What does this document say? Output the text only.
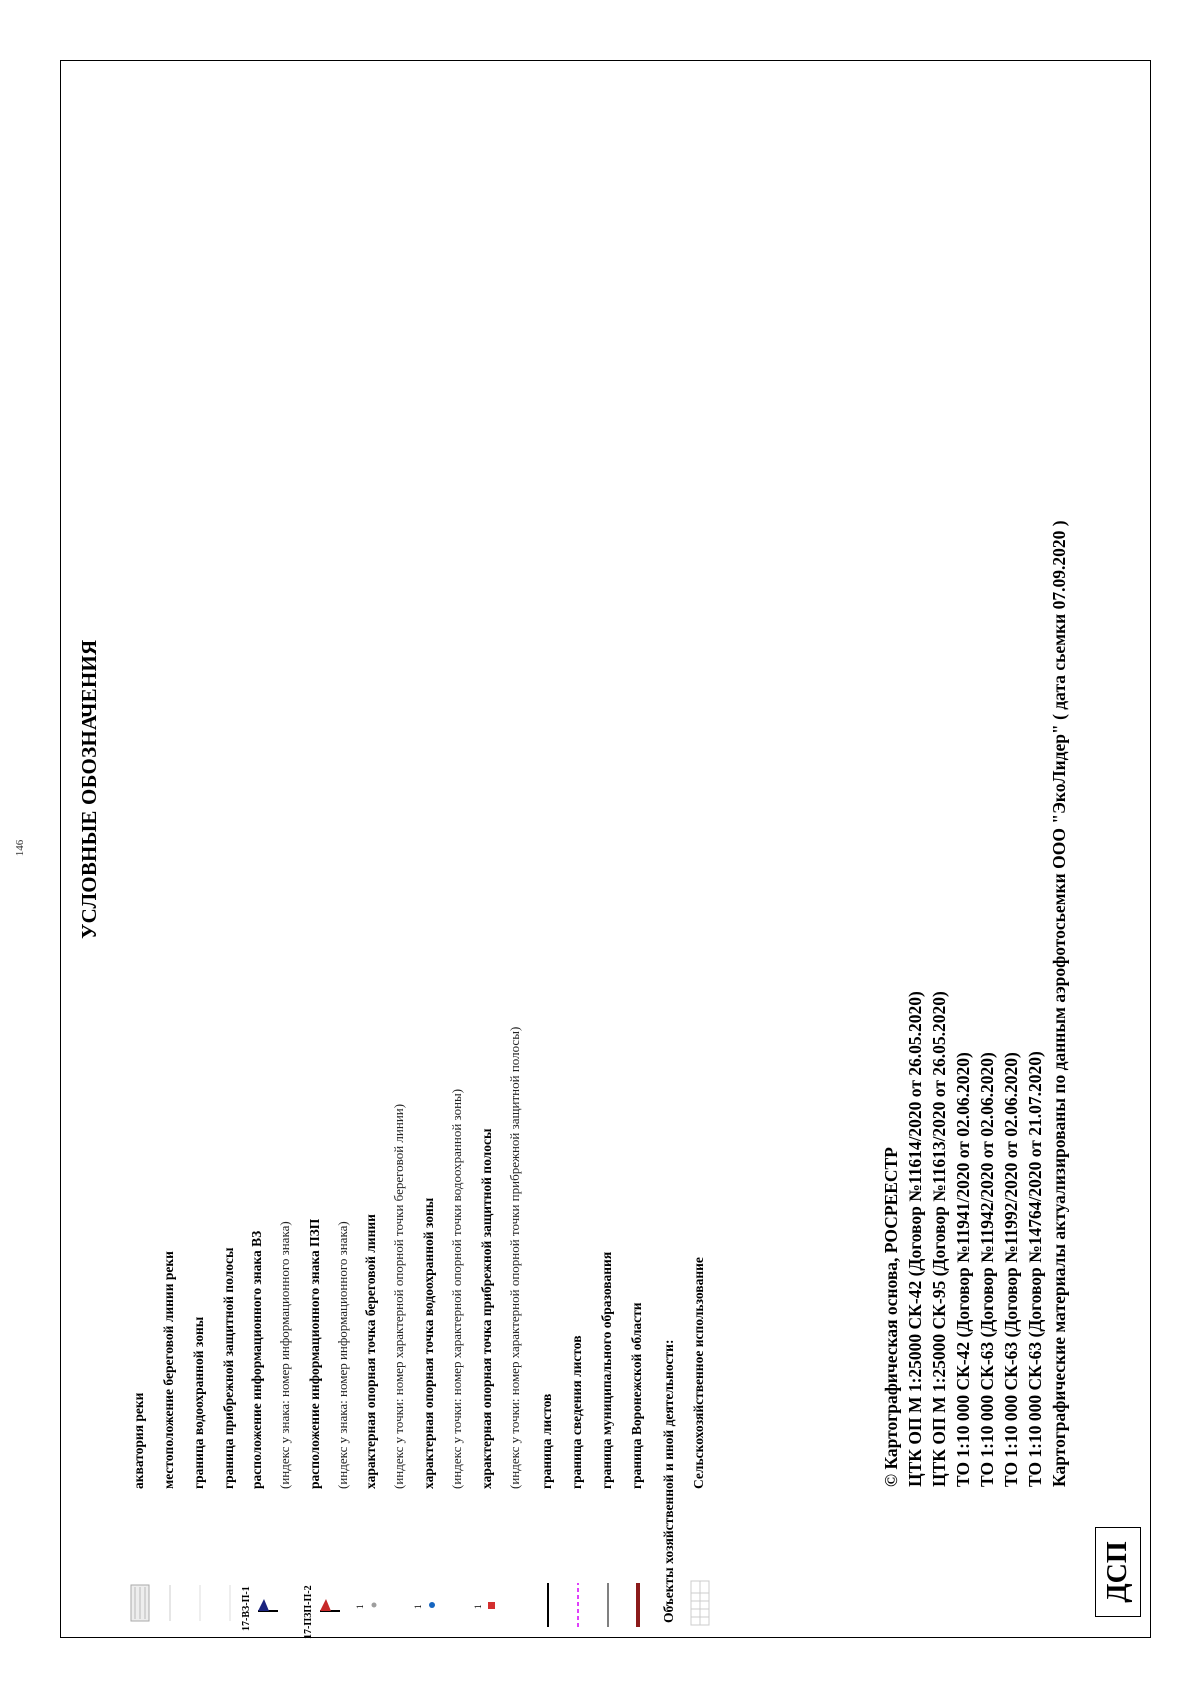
146 УСЛОВНЫЕ ОБОЗНАЧЕНИЯ
акватория реки местоположение береговой линии реки граница водоохранной зоны граница прибрежной защитной полосы
17-ВЗ-П-1
расположение информационного знака ВЗ (индекс у знака: номер информационного знака)
17-ПЗП-П-2
расположение информационного знака ПЗП (индекс у знака: номер информационного знака)
1
характерная опорная точка береговой линии (индекс у точки: номер характерной опорной точки береговой линии)
1
характерная опорная точка водоохранной зоны (индекс у точки: номер характерной опорной точки водоохранной зоны)
1
характерная опорная точка прибрежной защитной полосы (индекс у точки: номер характерной опорной точки прибрежной защитной полосы) граница листов граница сведения листов граница муниципального образования граница Воронежской области Объекты хозяйственной и иной деятельности: Сельскохозяйственное использование	© Картографическая основа, РОСРЕЕСТР ЦТК ОП М 1:25000 СК-42 (Договор №11614/2020 от 26.05.2020) ЦТК ОП М 1:25000 СК-95 (Договор №11613/2020 от 26.05.2020) ТО 1:10 000 СК-42 (Договор №11941/2020 от 02.06.2020) ТО 1:10 000 СК-63 (Договор №11942/2020 от 02.06.2020) ТО 1:10 000 СК-63 (Договор №11992/2020 от 02.06.2020) ТО 1:10 000 СК-63 (Договор №14764/2020 от 21.07.2020) Картографические материалы актуализированы по данным аэрофотосьемки ООО "ЭкоЛидер" ( дата сьемки 07.09.2020 )
ДСП
